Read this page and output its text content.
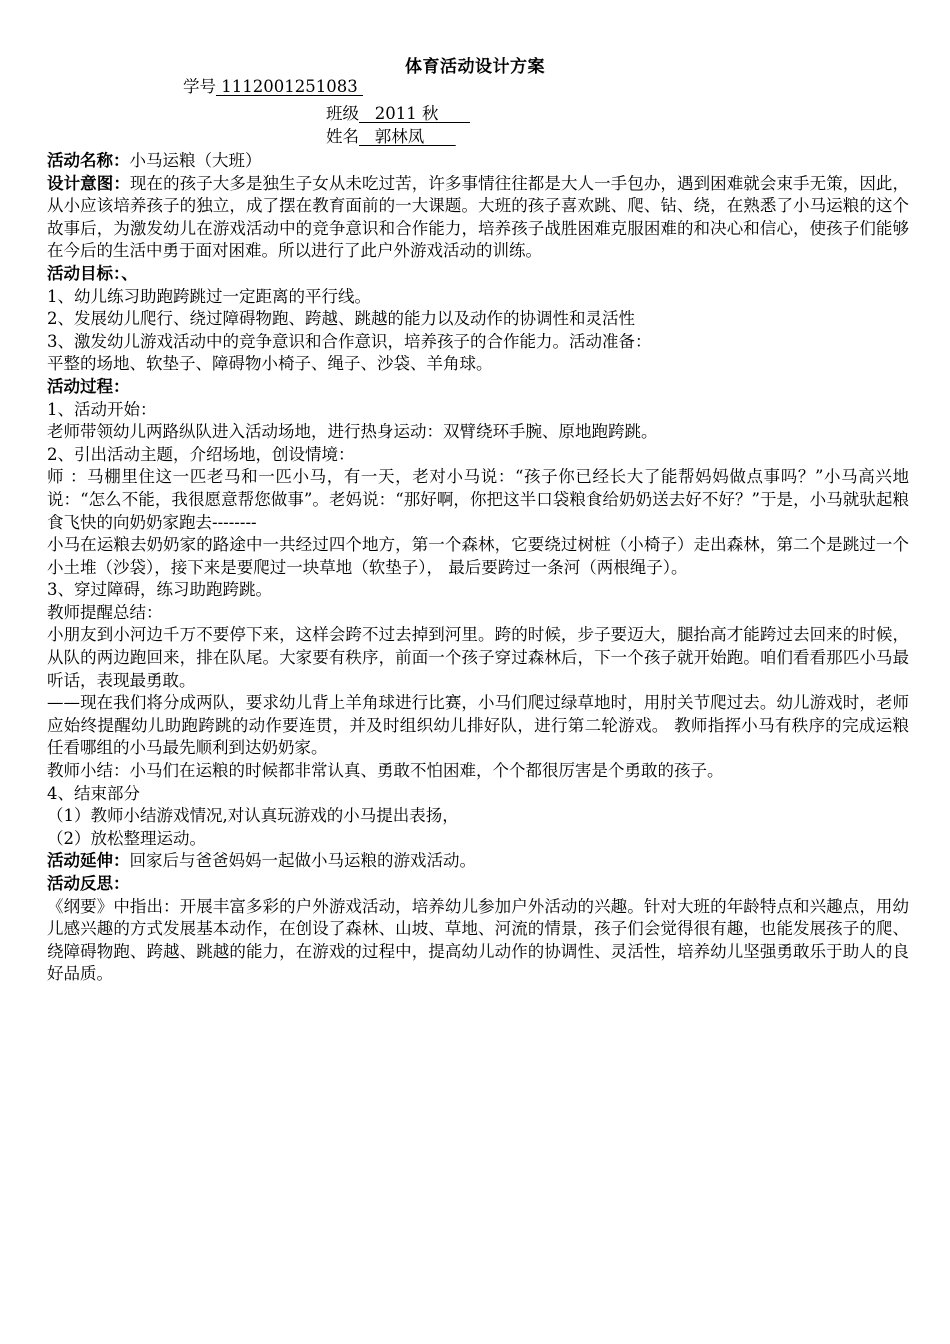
体育活动设计方案
学号 1112001251083
班级   2011 秋
姓名   郭林凤

活动名称：小马运粮（大班）

设计意图：现在的孩子大多是独生子女从未吃过苦，许多事情往往都是大人一手包办，遇到困难就会束手无策，因此，从小应该培养孩子的独立，成了摆在教育面前的一大课题。大班的孩子喜欢跳、爬、钻、绕，在熟悉了小马运粮的这个故事后，为激发幼儿在游戏活动中的竞争意识和合作能力，培养孩子战胜困难克服困难的和决心和信心，使孩子们能够在今后的生活中勇于面对困难。所以进行了此户外游戏活动的训练。

活动目标：、

1、幼儿练习助跑跨跳过一定距离的平行线。

2、发展幼儿爬行、绕过障碍物跑、跨越、跳越的能力以及动作的协调性和灵活性

3、激发幼儿游戏活动中的竞争意识和合作意识，培养孩子的合作能力。活动准备：

平整的场地、软垫子、障碍物小椅子、绳子、沙袋、羊角球。

活动过程：

1、活动开始：

老师带领幼儿两路纵队进入活动场地，进行热身运动：双臂绕环手腕、原地跑跨跳。

2、引出活动主题，介绍场地，创设情境：

师 ：马棚里住这一匹老马和一匹小马，有一天，老对小马说：“孩子你已经长大了能帮妈妈做点事吗？”小马高兴地说：“怎么不能，我很愿意帮您做事”。老妈说：“那好啊，你把这半口袋粮食给奶奶送去好不好？”于是，小马就驮起粮食飞快的向奶奶家跑去--------

小马在运粮去奶奶家的路途中一共经过四个地方，第一个森林，它要绕过树桩（小椅子）走出森林，第二个是跳过一个小土堆（沙袋），接下来是要爬过一块草地（软垫子）， 最后要跨过一条河（两根绳子）。

3、穿过障碍，练习助跑跨跳。

教师提醒总结：

小朋友到小河边千万不要停下来，这样会跨不过去掉到河里。跨的时候，步子要迈大，腿抬高才能跨过去回来的时候，从队的两边跑回来，排在队尾。大家要有秩序，前面一个孩子穿过森林后，下一个孩子就开始跑。咱们看看那匹小马最听话，表现最勇敢。

——现在我们将分成两队，要求幼儿背上羊角球进行比赛，小马们爬过绿草地时，用肘关节爬过去。幼儿游戏时，老师应始终提醒幼儿助跑跨跳的动作要连贯，并及时组织幼儿排好队，进行第二轮游戏。 教师指挥小马有秩序的完成运粮任看哪组的小马最先顺利到达奶奶家。

教师小结：小马们在运粮的时候都非常认真、勇敢不怕困难，个个都很厉害是个勇敢的孩子。

4、结束部分

（1）教师小结游戏情况,对认真玩游戏的小马提出表扬，

（2）放松整理运动。

活动延伸：回家后与爸爸妈妈一起做小马运粮的游戏活动。

活动反思：

《纲要》中指出：开展丰富多彩的户外游戏活动，培养幼儿参加户外活动的兴趣。针对大班的年龄特点和兴趣点，用幼儿感兴趣的方式发展基本动作，在创设了森林、山坡、草地、河流的情景，孩子们会觉得很有趣，也能发展孩子的爬、绕障碍物跑、跨越、跳越的能力，在游戏的过程中，提高幼儿动作的协调性、灵活性，培养幼儿坚强勇敢乐于助人的良好品质。
